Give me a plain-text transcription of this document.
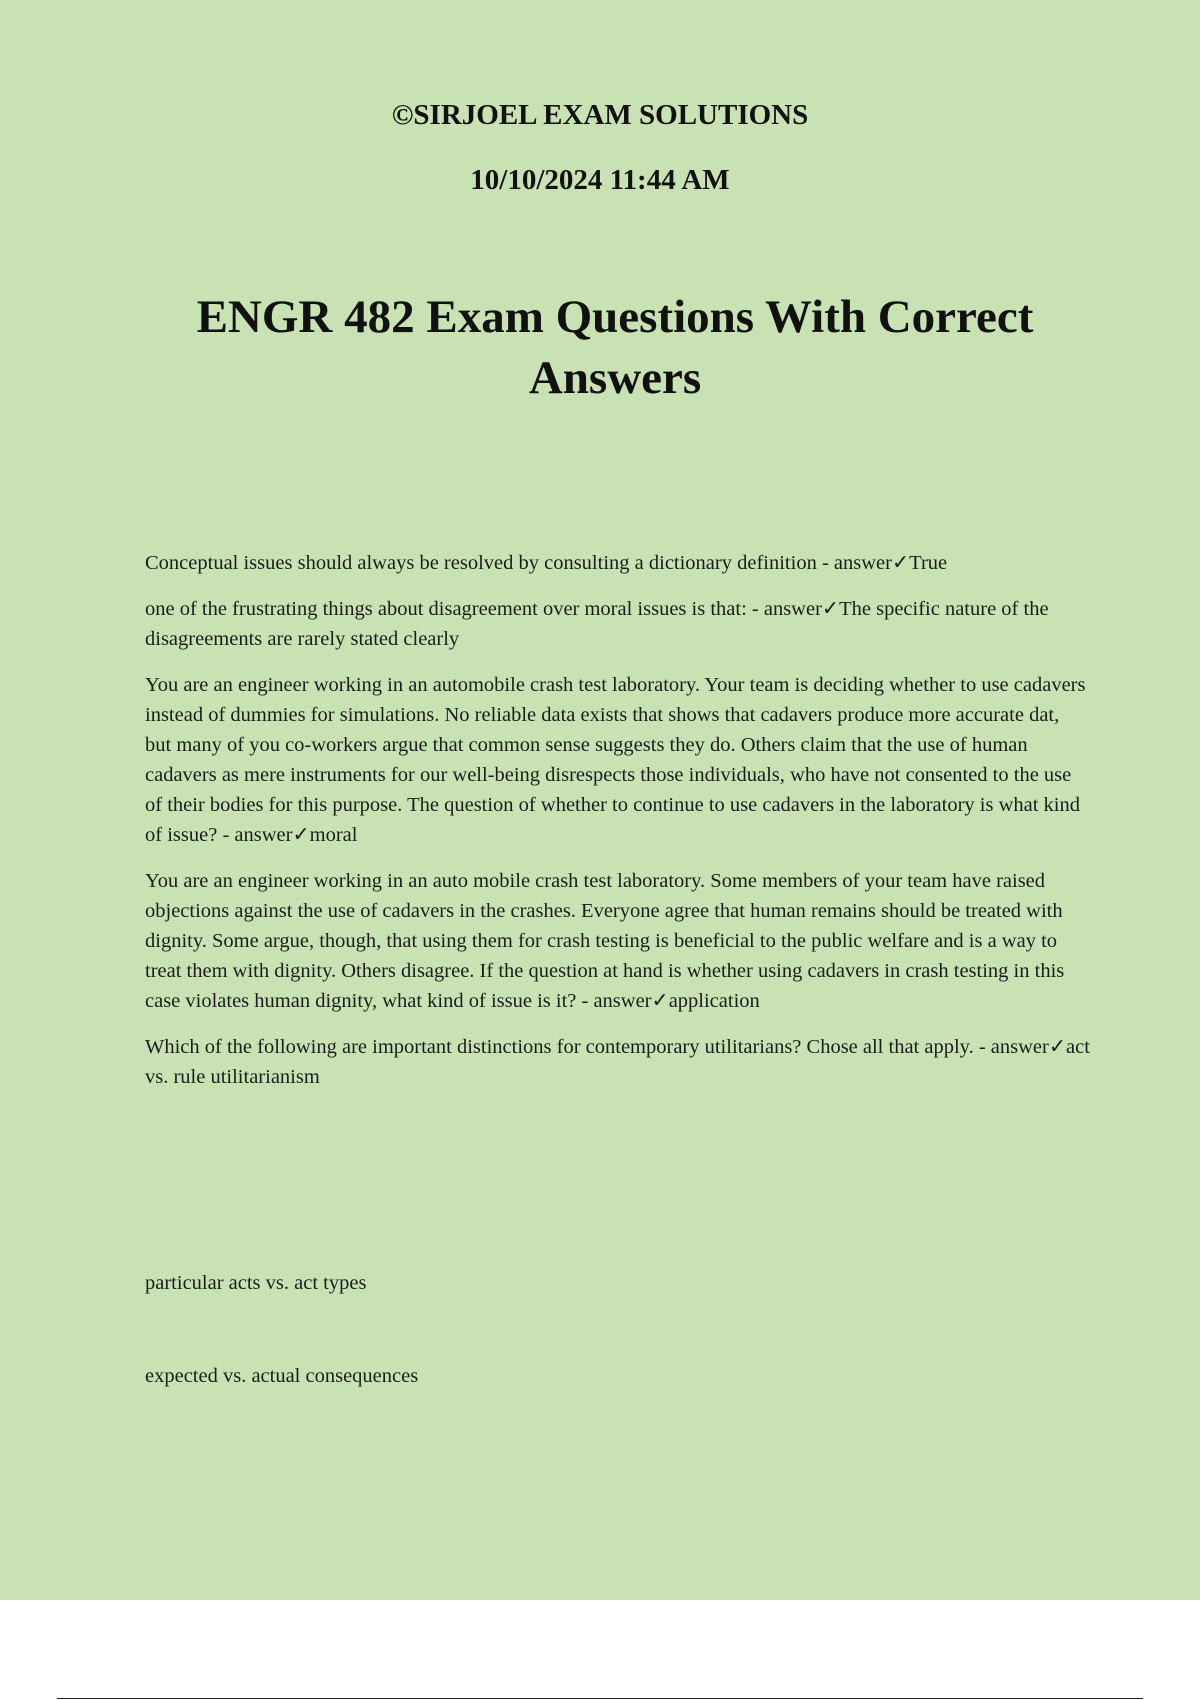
©SIRJOEL EXAM SOLUTIONS
10/10/2024 11:44 AM
ENGR 482 Exam Questions With Correct Answers

Conceptual issues should always be resolved by consulting a dictionary definition - answer✓True

one of the frustrating things about disagreement over moral issues is that: - answer✓The specific nature of the disagreements are rarely stated clearly

You are an engineer working in an automobile crash test laboratory. Your team is deciding whether to use cadavers instead of dummies for simulations. No reliable data exists that shows that cadavers produce more accurate dat, but many of you co-workers argue that common sense suggests they do. Others claim that the use of human cadavers as mere instruments for our well-being disrespects those individuals, who have not consented to the use of their bodies for this purpose. The question of whether to continue to use cadavers in the laboratory is what kind of issue? - answer✓moral

You are an engineer working in an auto mobile crash test laboratory. Some members of your team have raised objections against the use of cadavers in the crashes. Everyone agree that human remains should be treated with dignity. Some argue, though, that using them for crash testing is beneficial to the public welfare and is a way to treat them with dignity. Others disagree. If the question at hand is whether using cadavers in crash testing in this case violates human dignity, what kind of issue is it? - answer✓application

Which of the following are important distinctions for contemporary utilitarians? Chose all that apply. - answer✓act vs. rule utilitarianism

particular acts vs. act types

expected vs. actual consequences
